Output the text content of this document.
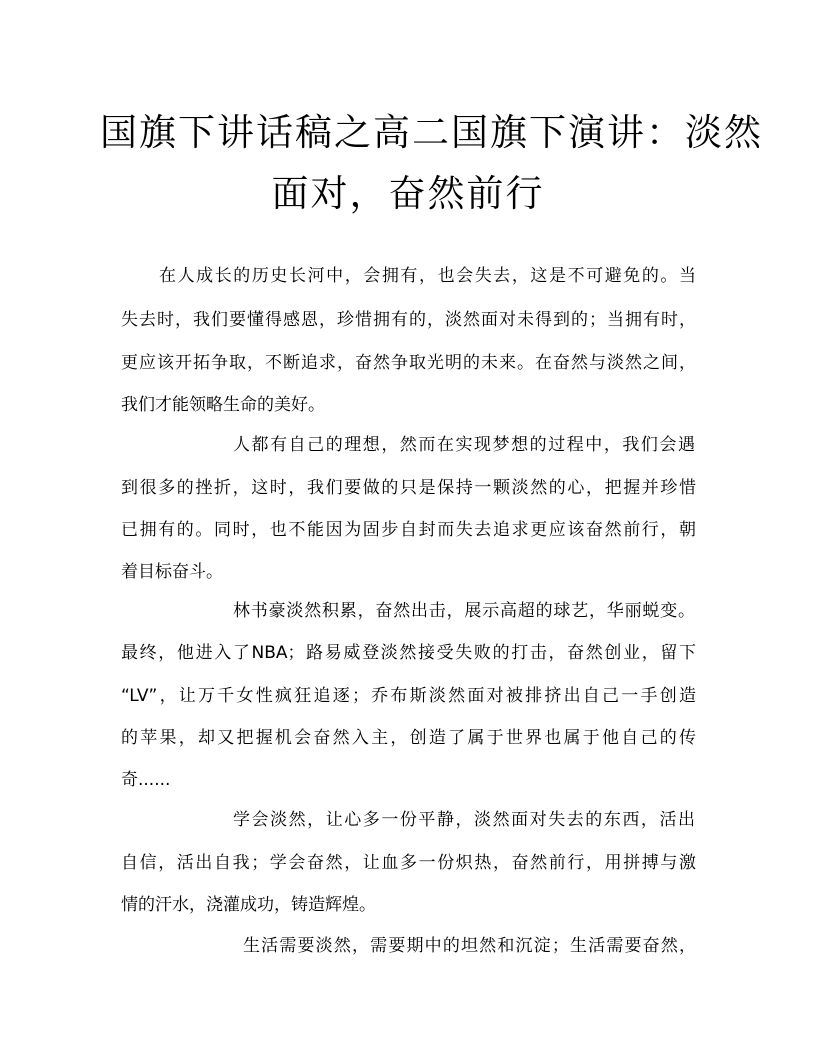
国旗下讲话稿之高二国旗下演讲：淡然
面对，奋然前行
在人成长的历史长河中，会拥有，也会失去，这是不可避免的。当
失去时，我们要懂得感恩，珍惜拥有的，淡然面对未得到的；当拥有时，
更应该开拓争取，不断追求，奋然争取光明的未来。在奋然与淡然之间，
我们才能领略生命的美好。
人都有自己的理想，然而在实现梦想的过程中，我们会遇
到很多的挫折，这时，我们要做的只是保持一颗淡然的心，把握并珍惜
已拥有的。同时，也不能因为固步自封而失去追求更应该奋然前行，朝
着目标奋斗。
林书豪淡然积累，奋然出击，展示高超的球艺，华丽蜕变。
最终，他进入了NBA；路易威登淡然接受失败的打击，奋然创业，留下
“LV”，让万千女性疯狂追逐；乔布斯淡然面对被排挤出自己一手创造
的苹果，却又把握机会奋然入主，创造了属于世界也属于他自己的传
奇......
学会淡然，让心多一份平静，淡然面对失去的东西，活出
自信，活出自我；学会奋然，让血多一份炽热，奋然前行，用拼搏与激
情的汗水，浇灌成功，铸造辉煌。
生活需要淡然，需要期中的坦然和沉淀；生活需要奋然，
